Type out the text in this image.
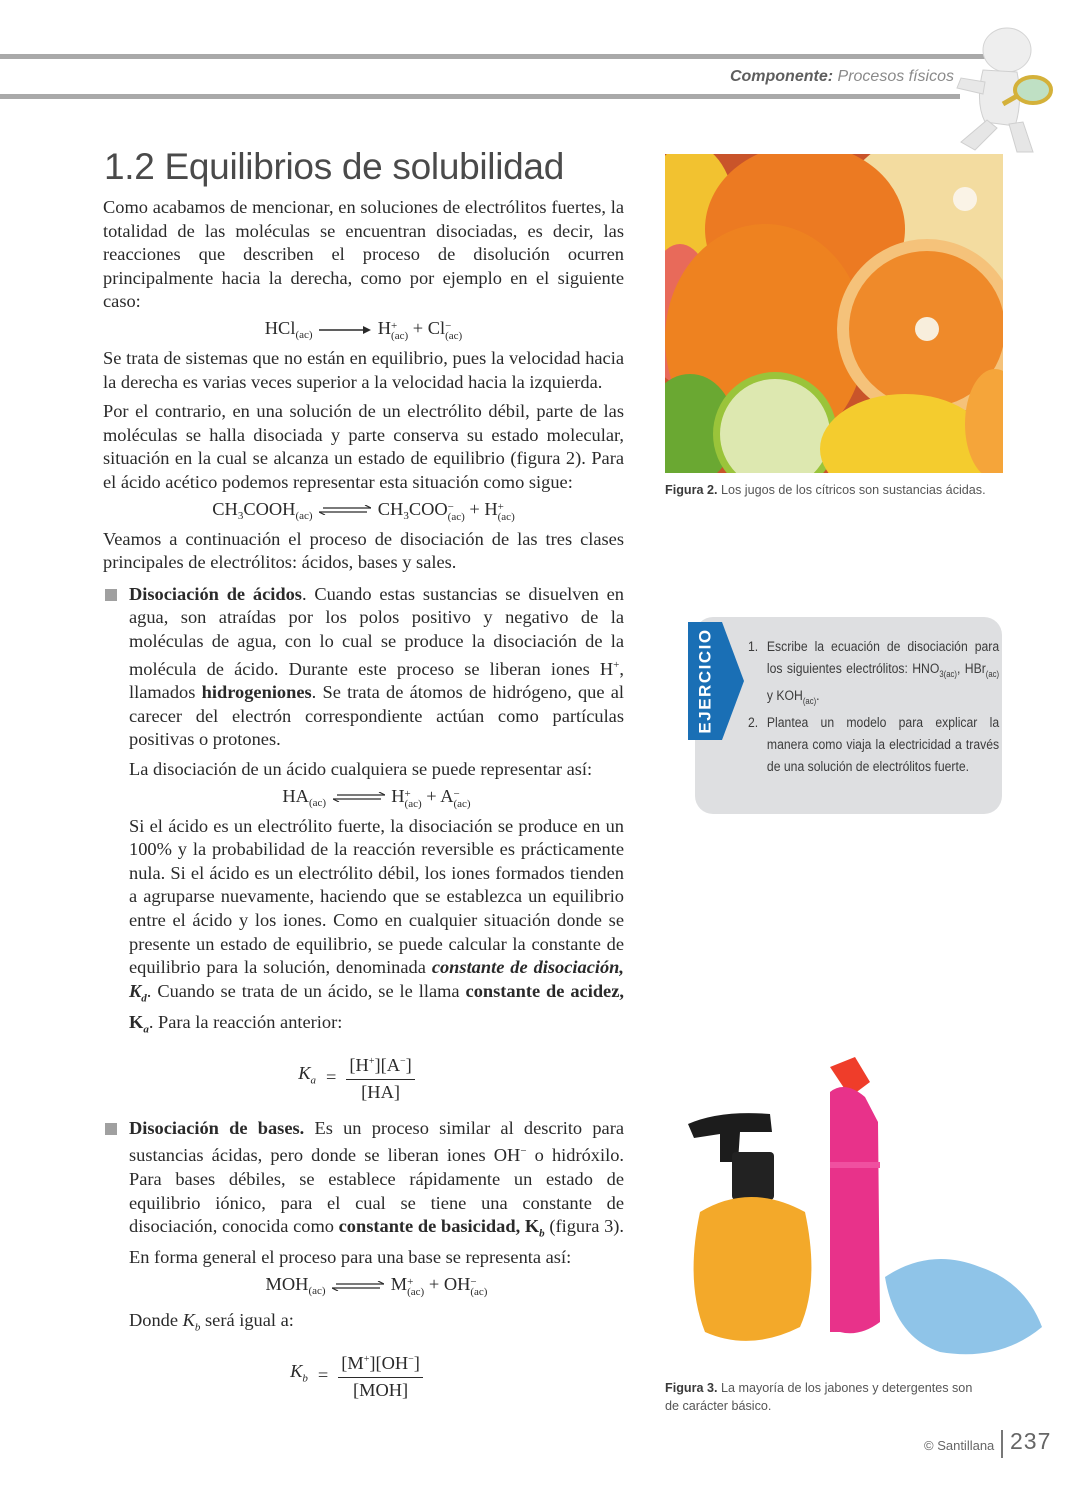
Componente: Procesos físicos
1.2 Equilibrios de solubilidad

Como acabamos de mencionar, en soluciones de electrólitos fuertes, la totalidad de las moléculas se encuentran disociadas, es decir, las reacciones que describen el proceso de disolución ocurren principalmente hacia la derecha, como por ejemplo en el siguiente caso:

HCl$_{(ac)}$	H +
(ac) + Cl −
(ac)

Se trata de sistemas que no están en equilibrio, pues la velocidad hacia la derecha es varias veces superior a la velocidad hacia la izquierda.

Por el contrario, en una solución de un electrólito débil, parte de las moléculas se halla disociada y parte conserva su estado molecular, situación en la cual se alcanza un estado de equilibrio (figura 2). Para el ácido acético podemos representar esta situación como sigue:

$CH_3COOH_{(ac)}$ ⇌ $CH_3COO$ −
(ac) + H +
(ac)

Veamos a continuación el proceso de disociación de las tres clases principales de electrólitos: ácidos, bases y sales.

Disociación de ácidos. Cuando estas sustancias se disuelven en agua, son atraídas por los polos positivo y negativo de la moléculas de agua, con lo cual se produce la disociación de la molécula de ácido. Durante este proceso se liberan iones H+, llamados hidrogeniones. Se trata de átomos de hidrógeno, que al carecer del electrón correspondiente actúan como partículas positivas o protones.

La disociación de un ácido cualquiera se puede representar así:

$HA_{(ac)}$ ⇌ H +
(ac) + A −
(ac)

Si el ácido es un electrólito fuerte, la disociación se produce en un 100% y la probabilidad de la reacción reversible es prácticamente nula. Si el ácido es un electrólito débil, los iones formados tienden a agruparse nuevamente, haciendo que se establezca un equilibrio entre el ácido y los iones. Como en cualquier situación donde se presente un estado de equilibrio, se puede calcular la constante de equilibrio para la solución, denominada constante de disociación, $K_d$. Cuando se trata de un ácido, se le llama constante de acidez, $K_a$. Para la reacción anterior:

$K_a = \frac{[H^+][A^-]}{[HA]}$

Disociación de bases. Es un proceso similar al descrito para sustancias ácidas, pero donde se liberan iones OH− o hidróxilo. Para bases débiles, se establece rápidamente un estado de equilibrio iónico, para el cual se tiene una constante de disociación, conocida como constante de basicidad, $K_b$ (figura 3). En forma general el proceso para una base se representa así:

$MOH_{(ac)}$ ⇌ M +
(ac) + OH −
(ac)

Donde $K_b$ será igual a:

$K_b = \frac{[M^+][OH^-]}{\text{[MOH]}}$
Figura 2. Los jugos de los cítricos son sustancias ácidas.
EJERCICIO 1. Escribe la ecuación de disociación para los siguientes electrólitos: $HNO_{3(ac)}$, HBr$_{(ac)}$ y $KOH_{(ac)}$.
2. Plantea un modelo para explicar la manera como viaja la electricidad a través de una solución de electrólitos fuerte.
Figura 3. La mayoría de los jabones y detergentes son de carácter básico.
© Santillana 237
